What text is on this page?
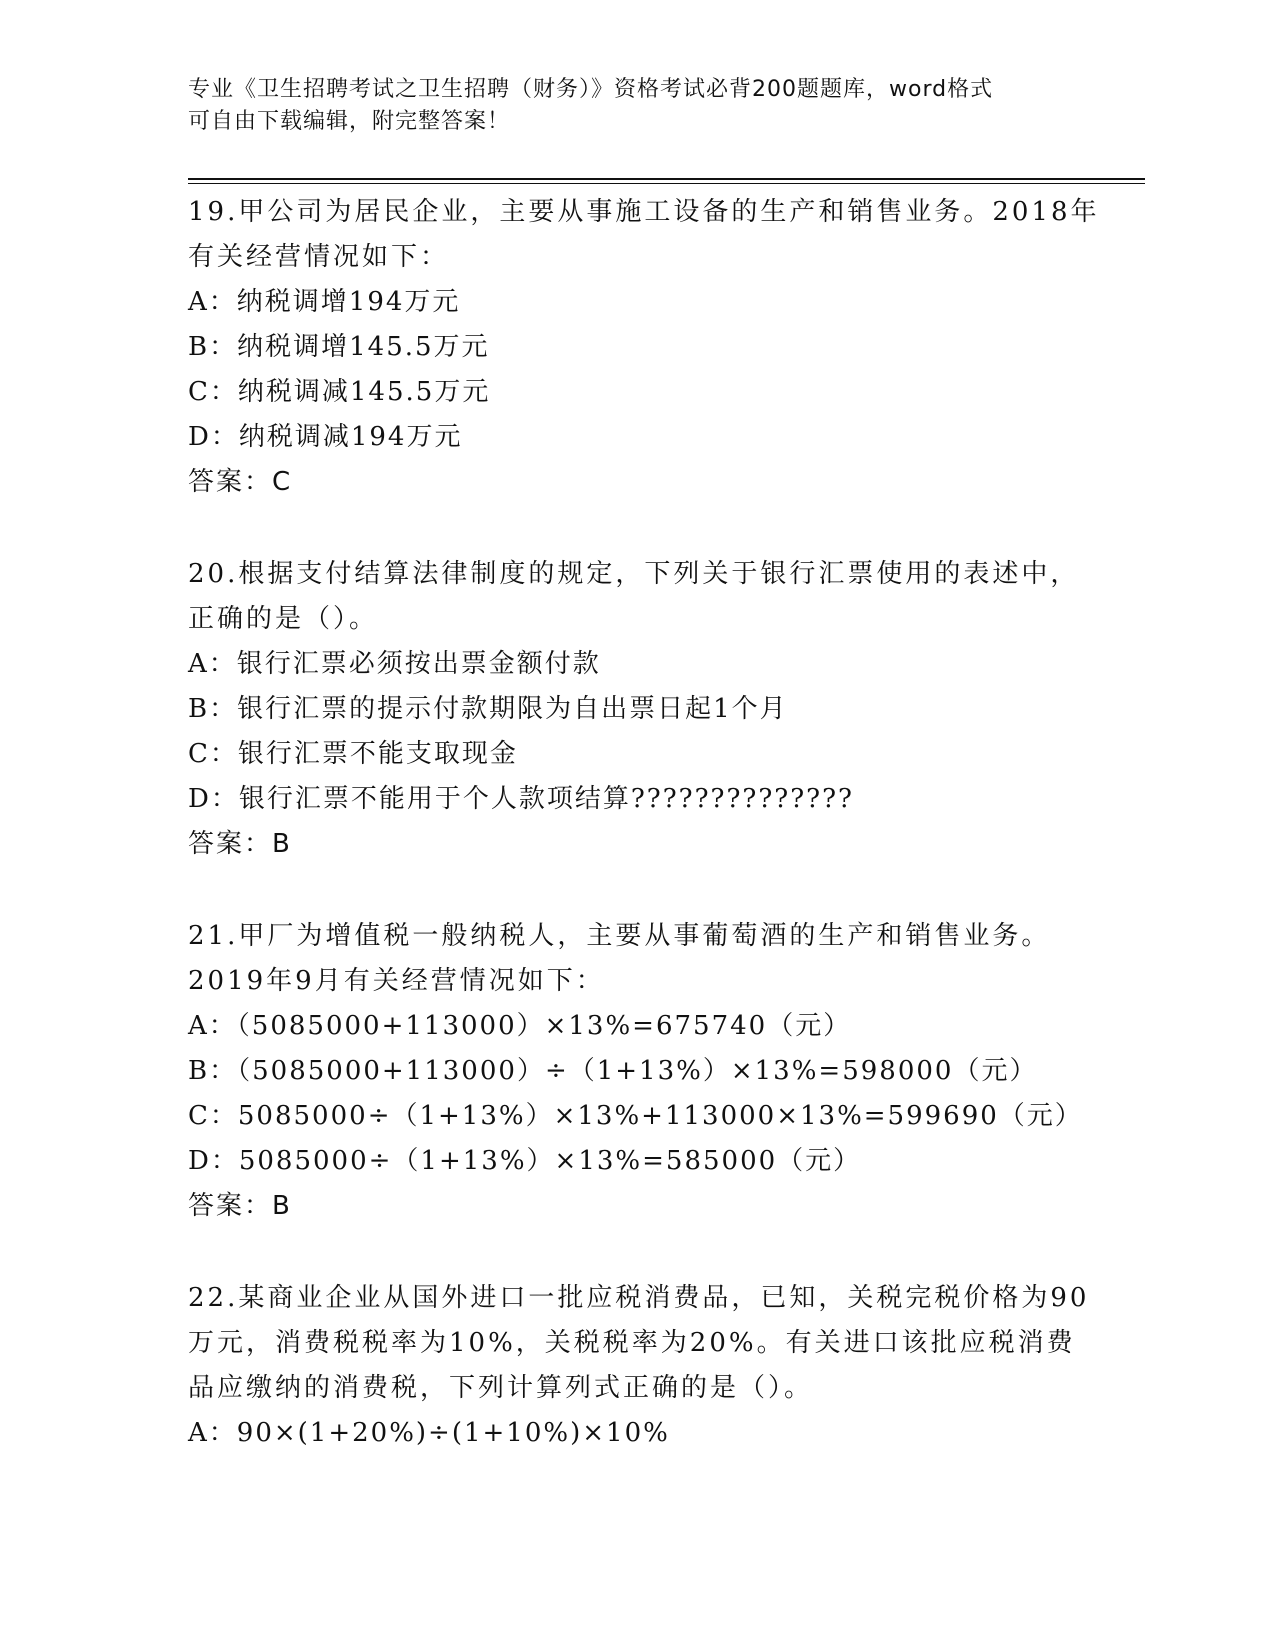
专业《卫生招聘考试之卫生招聘（财务）》资格考试必背200题题库，word格式
可自由下载编辑，附完整答案！
19.甲公司为居民企业，主要从事施工设备的生产和销售业务。2018年
有关经营情况如下：
A：纳税调增194万元
B：纳税调增145.5万元
C：纳税调减145.5万元
D：纳税调减194万元
答案：C
20.根据支付结算法律制度的规定，下列关于银行汇票使用的表述中，
正确的是（）。
A：银行汇票必须按出票金额付款
B：银行汇票的提示付款期限为自出票日起1个月
C：银行汇票不能支取现金
D：银行汇票不能用于个人款项结算??????????????
答案：B
21.甲厂为增值税一般纳税人，主要从事葡萄酒的生产和销售业务。
2019年9月有关经营情况如下：
A：（5085000+113000）×13%=675740（元）
B：（5085000+113000）÷（1+13%）×13%=598000（元）
C：5085000÷（1+13%）×13%+113000×13%=599690（元）
D：5085000÷（1+13%）×13%=585000（元）
答案：B
22.某商业企业从国外进口一批应税消费品，已知，关税完税价格为90
万元，消费税税率为10%，关税税率为20%。有关进口该批应税消费
品应缴纳的消费税，下列计算列式正确的是（）。
A：90×(1+20%)÷(1+10%)×10%
